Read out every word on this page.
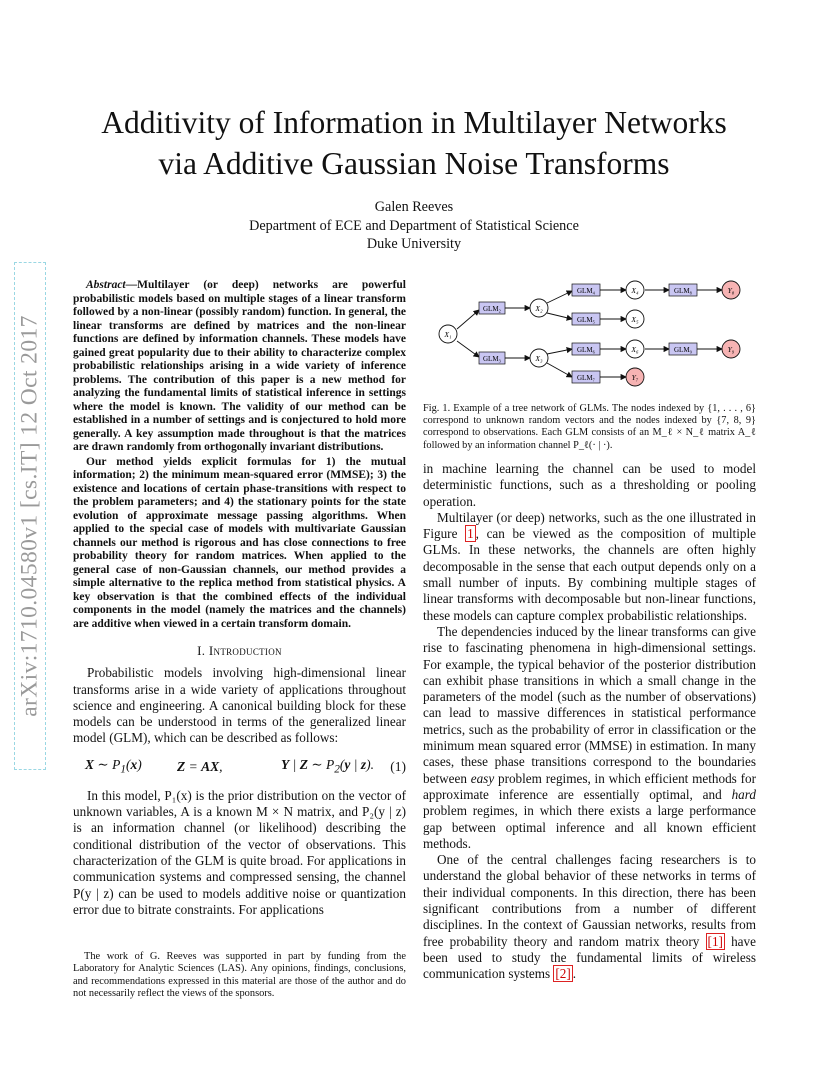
arXiv:1710.04580v1 [cs.IT] 12 Oct 2017
Additivity of Information in Multilayer Networks
via Additive Gaussian Noise Transforms
Galen Reeves
Department of ECE and Department of Statistical Science
Duke University

Abstract—Multilayer (or deep) networks are powerful probabilistic models based on multiple stages of a linear transform followed by a non-linear (possibly random) function. In general, the linear transforms are defined by matrices and the non-linear functions are defined by information channels. These models have gained great popularity due to their ability to characterize complex probabilistic relationships arising in a wide variety of inference problems. The contribution of this paper is a new method for analyzing the fundamental limits of statistical inference in settings where the model is known. The validity of our method can be established in a number of settings and is conjectured to hold more generally. A key assumption made throughout is that the matrices are drawn randomly from orthogonally invariant distributions.

Our method yields explicit formulas for 1) the mutual information; 2) the minimum mean-squared error (MMSE); 3) the existence and locations of certain phase-transitions with respect to the problem parameters; and 4) the stationary points for the state evolution of approximate message passing algorithms. When applied to the special case of models with multivariate Gaussian channels our method is rigorous and has close connections to free probability theory for random matrices. When applied to the general case of non-Gaussian channels, our method provides a simple alternative to the replica method from statistical physics. A key observation is that the combined effects of the individual components in the model (namely the matrices and the channels) are additive when viewed in a certain transform domain.

I. Introduction

Probabilistic models involving high-dimensional linear transforms arise in a wide variety of applications throughout science and engineering. A canonical building block for these models can be understood in terms of the generalized linear model (GLM), which can be described as follows:

X ∼ $P_1(x)$	Z = AX,	Y | Z ∼ $P_2(y$ | z).	(1)

In this model, P₁(x) is the prior distribution on the vector of unknown variables, A is a known M × N matrix, and P₂(y | z) is an information channel (or likelihood) describing the conditional distribution of the vector of observations. This characterization of the GLM is quite broad. For applications in communication systems and compressed sensing, the channel P(y | z) can be used to models additive noise or quantization error due to bitrate constraints. For applications

The work of G. Reeves was supported in part by funding from the Laboratory for Analytic Sciences (LAS). Any opinions, findings, conclusions, and recommendations expressed in this material are those of the author and do not necessarily reflect the views of the sponsors.

X₁
X₂
X₃
X₄
X₅
X₆
Y₇
Y₈
Y₉
GLM₂
GLM₃
GLM₄
GLM₅
GLM₆
GLM₇
GLM₈
GLM₉
Fig. 1. Example of a tree network of GLMs. The nodes indexed by {1, . . . , 6} correspond to unknown random vectors and the nodes indexed by {7, 8, 9} correspond to observations. Each GLM consists of an M_ℓ × N_ℓ matrix A_ℓ followed by an information channel P_ℓ(· | ·).

in machine learning the channel can be used to model deterministic functions, such as a thresholding or pooling operation.

Multilayer (or deep) networks, such as the one illustrated in Figure 1 , can be viewed as the composition of multiple GLMs. In these networks, the channels are often highly decomposable in the sense that each output depends only on a small number of inputs. By combining multiple stages of linear transforms with decomposable but non-linear functions, these models can capture complex probabilistic relationships.

The dependencies induced by the linear transforms can give rise to fascinating phenomena in high-dimensional settings. For example, the typical behavior of the posterior distribution can exhibit phase transitions in which a small change in the parameters of the model (such as the number of observations) can lead to massive differences in statistical performance metrics, such as the probability of error in classification or the minimum mean squared error (MMSE) in estimation. In many cases, these phase transitions correspond to the boundaries between easy problem regimes, in which efficient methods for approximate inference are essentially optimal, and hard problem regimes, in which there exists a large performance gap between optimal inference and all known efficient methods.

One of the central challenges facing researchers is to understand the global behavior of these networks in terms of their individual components. In this direction, there has been significant contributions from a number of different disciplines. In the context of Gaussian networks, results from free probability theory and random matrix theory [1] have been used to study the fundamental limits of wireless communication systems [2] .
